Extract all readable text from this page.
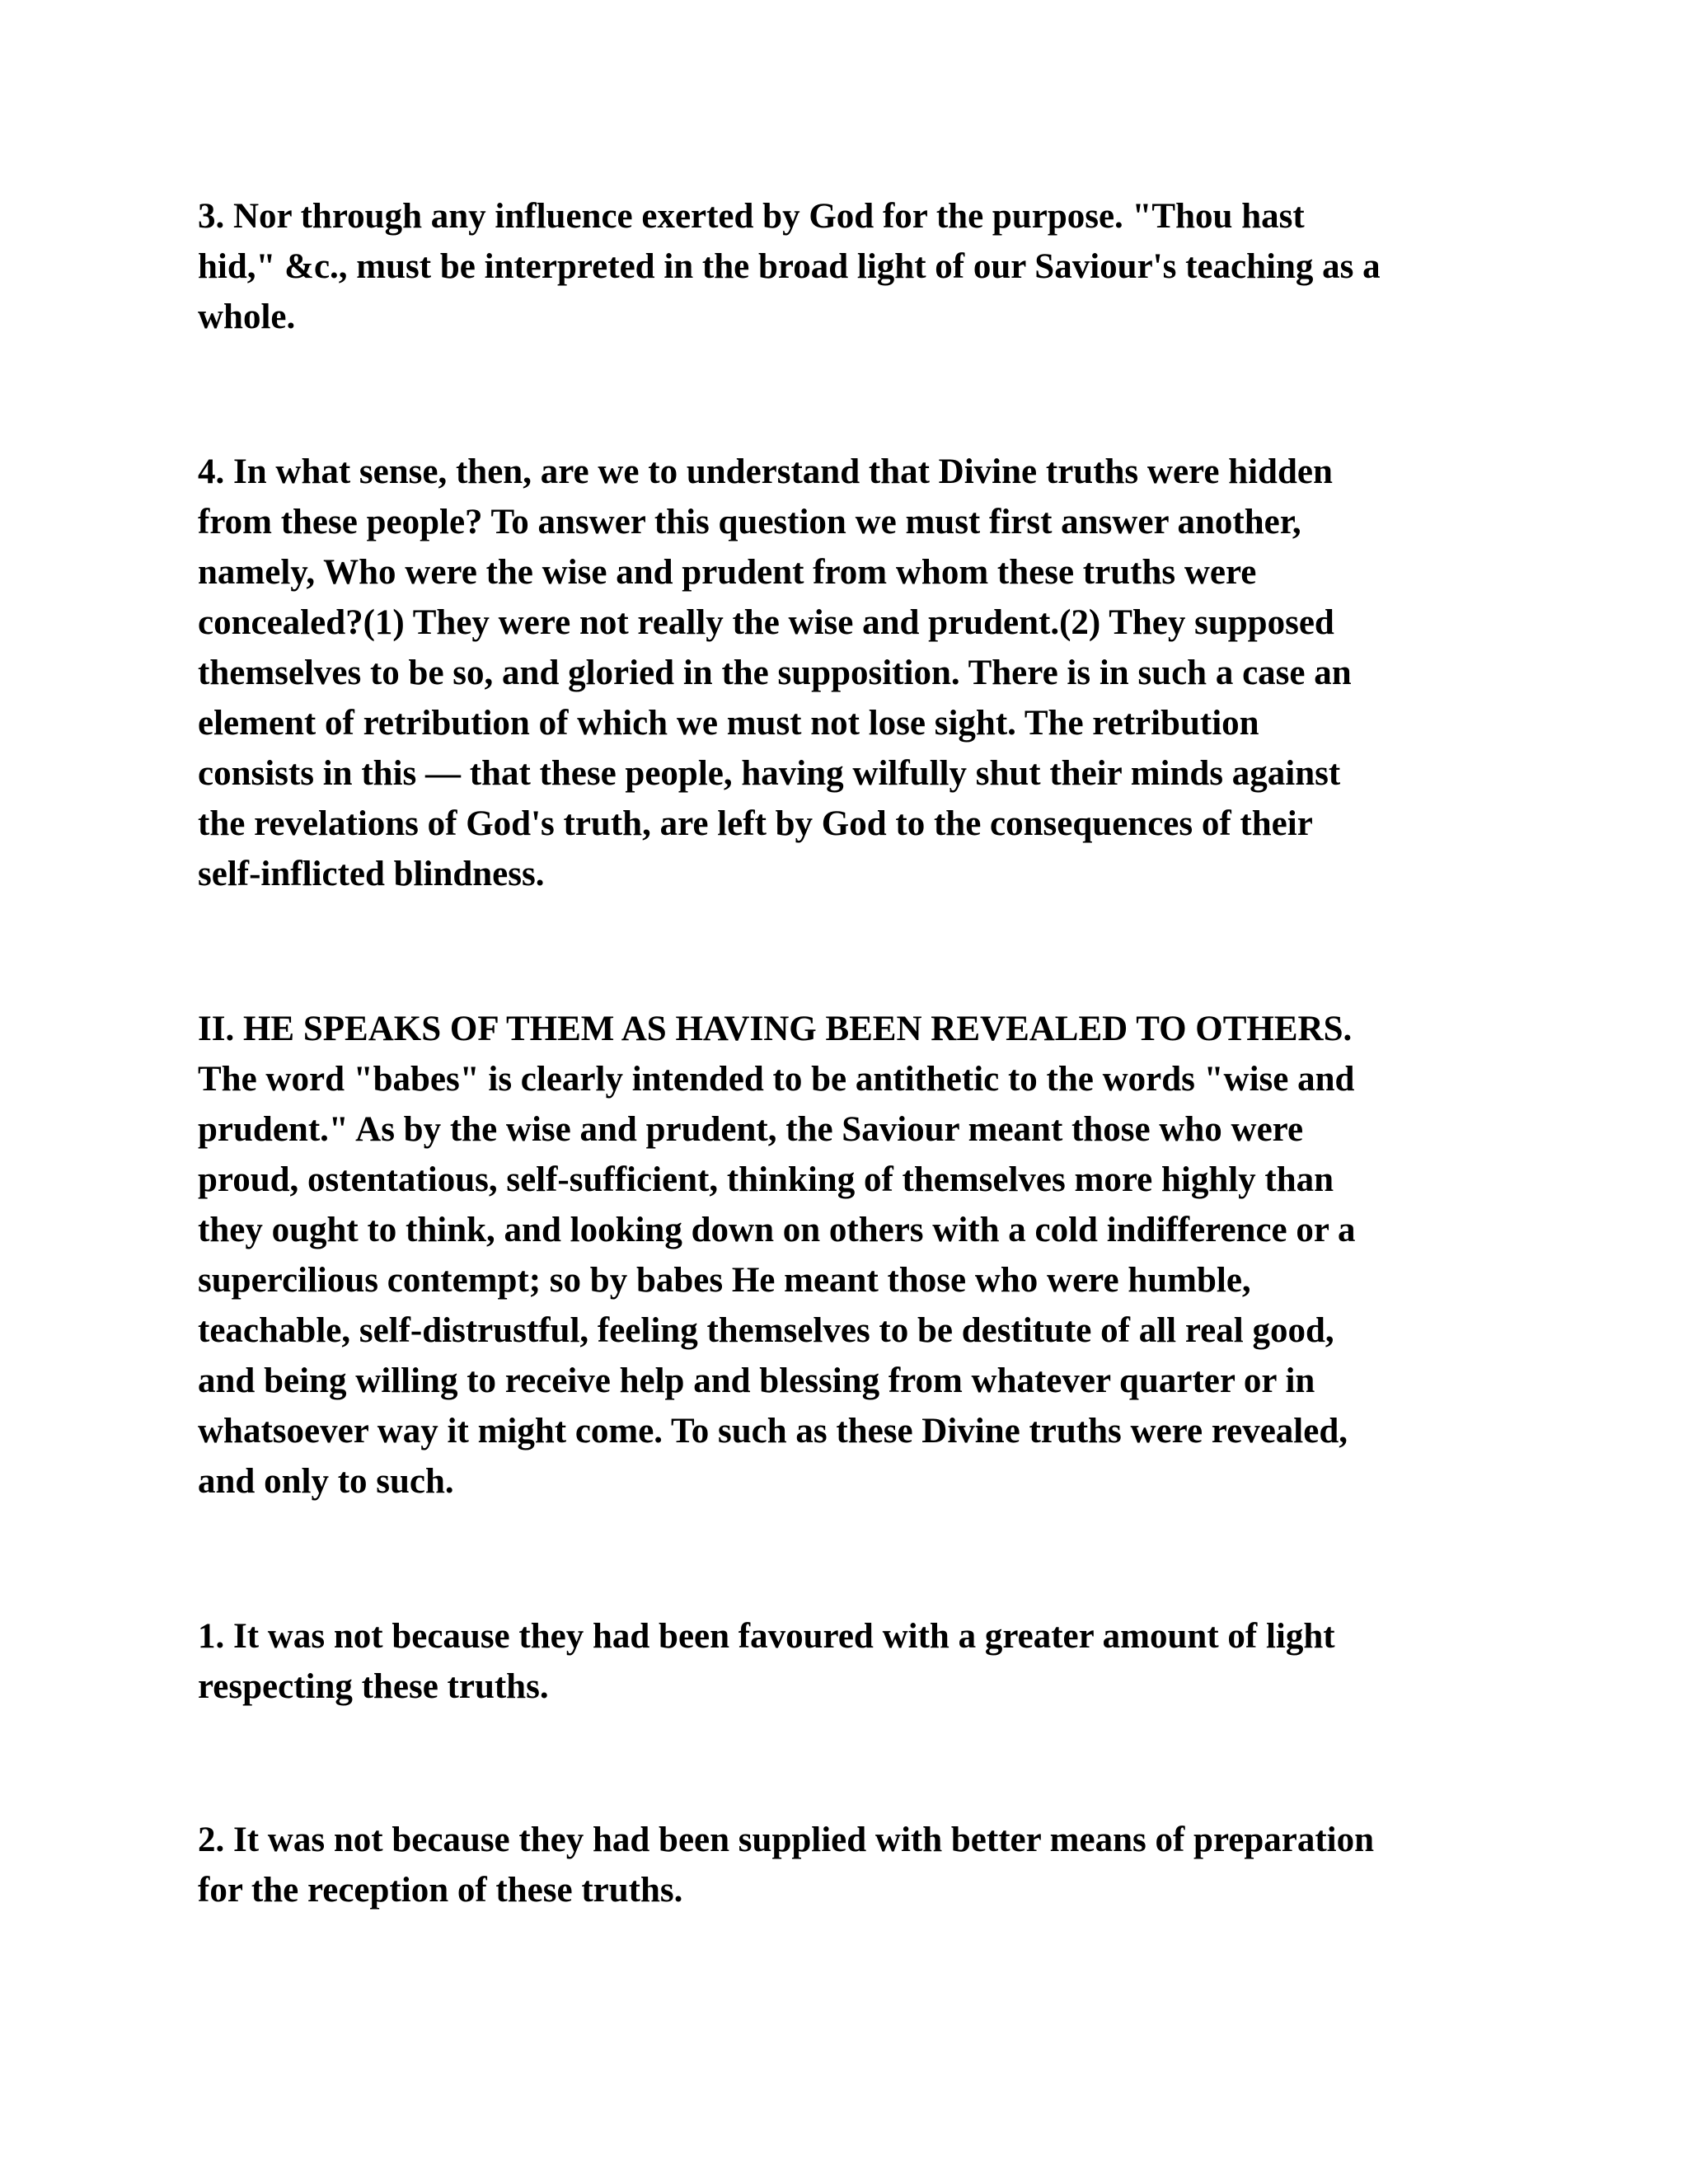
3. Nor through any influence exerted by God for the purpose. "Thou hast
hid," &c., must be interpreted in the broad light of our Saviour's teaching as a
whole.
4. In what sense, then, are we to understand that Divine truths were hidden
from these people? To answer this question we must first answer another,
namely, Who were the wise and prudent from whom these truths were
concealed?(1) They were not really the wise and prudent.(2) They supposed
themselves to be so, and gloried in the supposition. There is in such a case an
element of retribution of which we must not lose sight. The retribution
consists in this — that these people, having wilfully shut their minds against
the revelations of God's truth, are left by God to the consequences of their
self-inflicted blindness.
II. HE SPEAKS OF THEM AS HAVING BEEN REVEALED TO OTHERS.
The word "babes" is clearly intended to be antithetic to the words "wise and
prudent." As by the wise and prudent, the Saviour meant those who were
proud, ostentatious, self-sufficient, thinking of themselves more highly than
they ought to think, and looking down on others with a cold indifference or a
supercilious contempt; so by babes He meant those who were humble,
teachable, self-distrustful, feeling themselves to be destitute of all real good,
and being willing to receive help and blessing from whatever quarter or in
whatsoever way it might come. To such as these Divine truths were revealed,
and only to such.
1. It was not because they had been favoured with a greater amount of light
respecting these truths.
2. It was not because they had been supplied with better means of preparation
for the reception of these truths.
